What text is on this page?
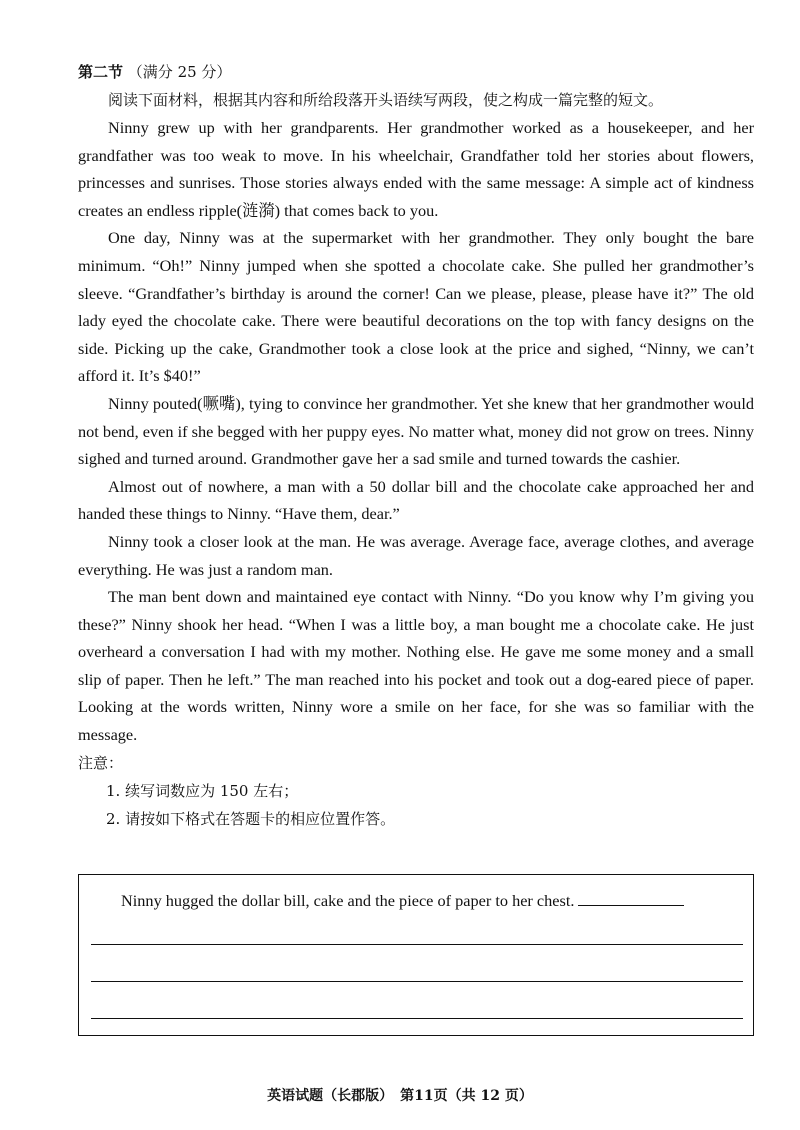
第二节 （满分 25 分）

阅读下面材料，根据其内容和所给段落开头语续写两段，使之构成一篇完整的短文。

Ninny grew up with her grandparents. Her grandmother worked as a housekeeper, and her grandfather was too weak to move. In his wheelchair, Grandfather told her stories about flowers, princesses and sunrises. Those stories always ended with the same message: A simple act of kindness creates an endless ripple(涟漪) that comes back to you.

One day, Ninny was at the supermarket with her grandmother. They only bought the bare minimum. “Oh!” Ninny jumped when she spotted a chocolate cake. She pulled her grandmother’s sleeve. “Grandfather’s birthday is around the corner! Can we please, please, please have it?” The old lady eyed the chocolate cake. There were beautiful decorations on the top with fancy designs on the side. Picking up the cake, Grandmother took a close look at the price and sighed, “Ninny, we can’t afford it. It’s $40!”

Ninny pouted(噘嘴), tying to convince her grandmother. Yet she knew that her grandmother would not bend, even if she begged with her puppy eyes. No matter what, money did not grow on trees. Ninny sighed and turned around. Grandmother gave her a sad smile and turned towards the cashier.

Almost out of nowhere, a man with a 50 dollar bill and the chocolate cake approached her and handed these things to Ninny. “Have them, dear.”

Ninny took a closer look at the man. He was average. Average face, average clothes, and average everything. He was just a random man.

The man bent down and maintained eye contact with Ninny. “Do you know why I’m giving you these?” Ninny shook her head. “When I was a little boy, a man bought me a chocolate cake. He just overheard a conversation I had with my mother. Nothing else. He gave me some money and a small slip of paper. Then he left.” The man reached into his pocket and took out a dog-eared piece of paper. Looking at the words written, Ninny wore a smile on her face, for she was so familiar with the message.

注意：

1. 续写词数应为 150 左右；

2. 请按如下格式在答题卡的相应位置作答。

Ninny hugged the dollar bill, cake and the piece of paper to her chest.
英语试题（长郡版）　第11页（共 12 页）
